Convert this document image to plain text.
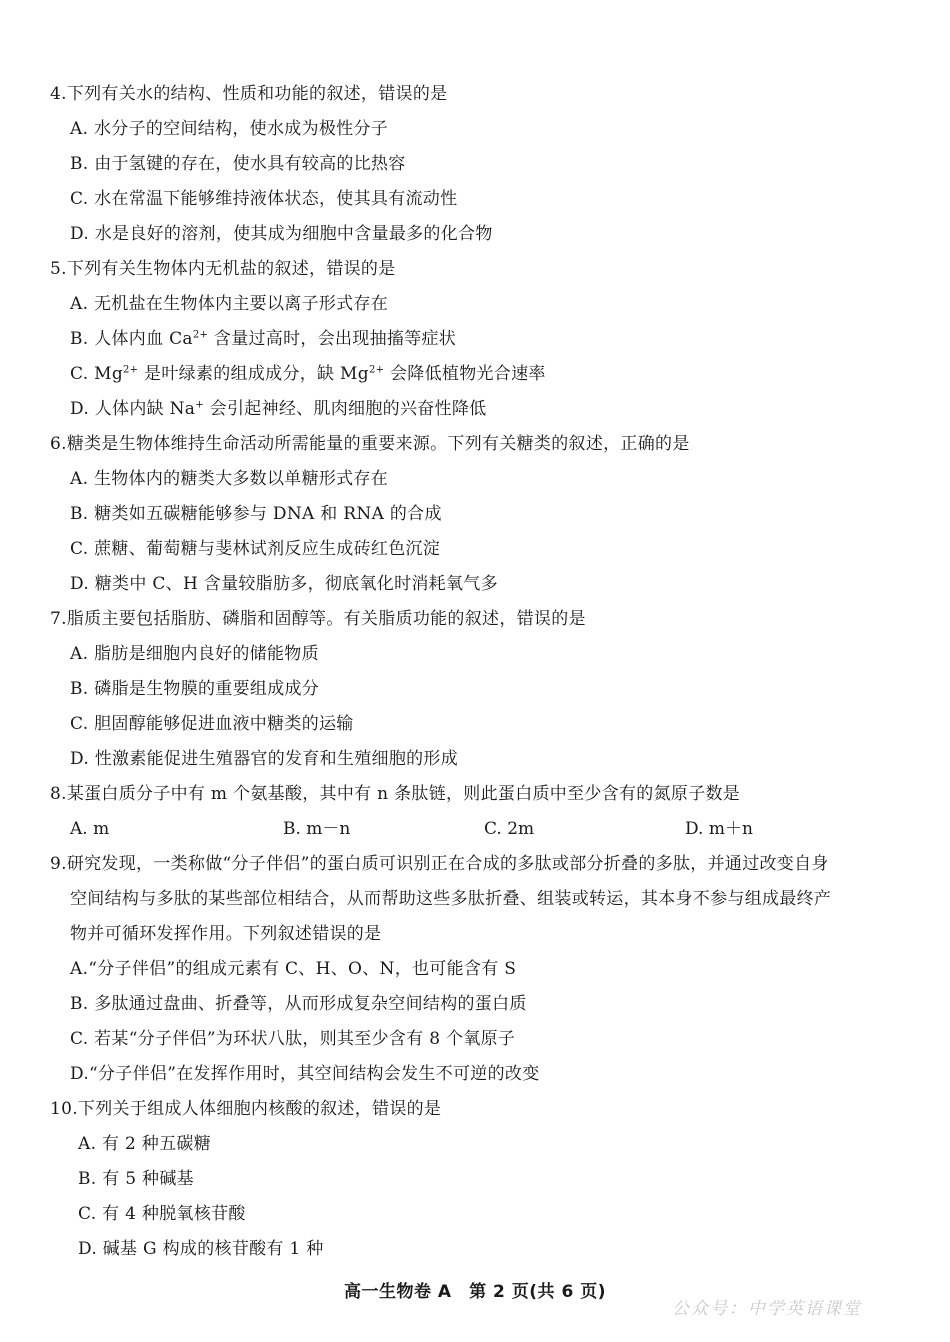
4.下列有关水的结构、性质和功能的叙述，错误的是
A. 水分子的空间结构，使水成为极性分子
B. 由于氢键的存在，使水具有较高的比热容
C. 水在常温下能够维持液体状态，使其具有流动性
D. 水是良好的溶剂，使其成为细胞中含量最多的化合物
5.下列有关生物体内无机盐的叙述，错误的是
A. 无机盐在生物体内主要以离子形式存在
B. 人体内血 $Ca^{2+}$ 含量过高时，会出现抽搐等症状
C. $Mg^{2+}$ 是叶绿素的组成成分，缺 $Mg^{2+}$ 会降低植物光合速率
D. 人体内缺 Na+ 会引起神经、肌肉细胞的兴奋性降低
6.糖类是生物体维持生命活动所需能量的重要来源。下列有关糖类的叙述，正确的是
A. 生物体内的糖类大多数以单糖形式存在
B. 糖类如五碳糖能够参与 DNA 和 RNA 的合成
C. 蔗糖、葡萄糖与斐林试剂反应生成砖红色沉淀
D. 糖类中 C、H 含量较脂肪多，彻底氧化时消耗氧气多
7.脂质主要包括脂肪、磷脂和固醇等。有关脂质功能的叙述，错误的是
A. 脂肪是细胞内良好的储能物质
B. 磷脂是生物膜的重要组成成分
C. 胆固醇能够促进血液中糖类的运输
D. 性激素能促进生殖器官的发育和生殖细胞的形成
8.某蛋白质分子中有 m 个氨基酸，其中有 n 条肽链，则此蛋白质中至少含有的氮原子数是
A. m	B. m－n	C. 2m	D. m＋n
9.研究发现，一类称做“分子伴侣”的蛋白质可识别正在合成的多肽或部分折叠的多肽，并通过改变自身
空间结构与多肽的某些部位相结合，从而帮助这些多肽折叠、组装或转运，其本身不参与组成最终产
物并可循环发挥作用。下列叙述错误的是
A.“分子伴侣”的组成元素有 C、H、O、N，也可能含有 S
B. 多肽通过盘曲、折叠等，从而形成复杂空间结构的蛋白质
C. 若某“分子伴侣”为环状八肽，则其至少含有 8 个氧原子
D.“分子伴侣”在发挥作用时，其空间结构会发生不可逆的改变
10.下列关于组成人体细胞内核酸的叙述，错误的是
A. 有 2 种五碳糖
B. 有 5 种碱基
C. 有 4 种脱氧核苷酸
D. 碱基 G 构成的核苷酸有 1 种
高一生物卷 A　第 2 页(共 6 页)
公众号：中学英语课堂
